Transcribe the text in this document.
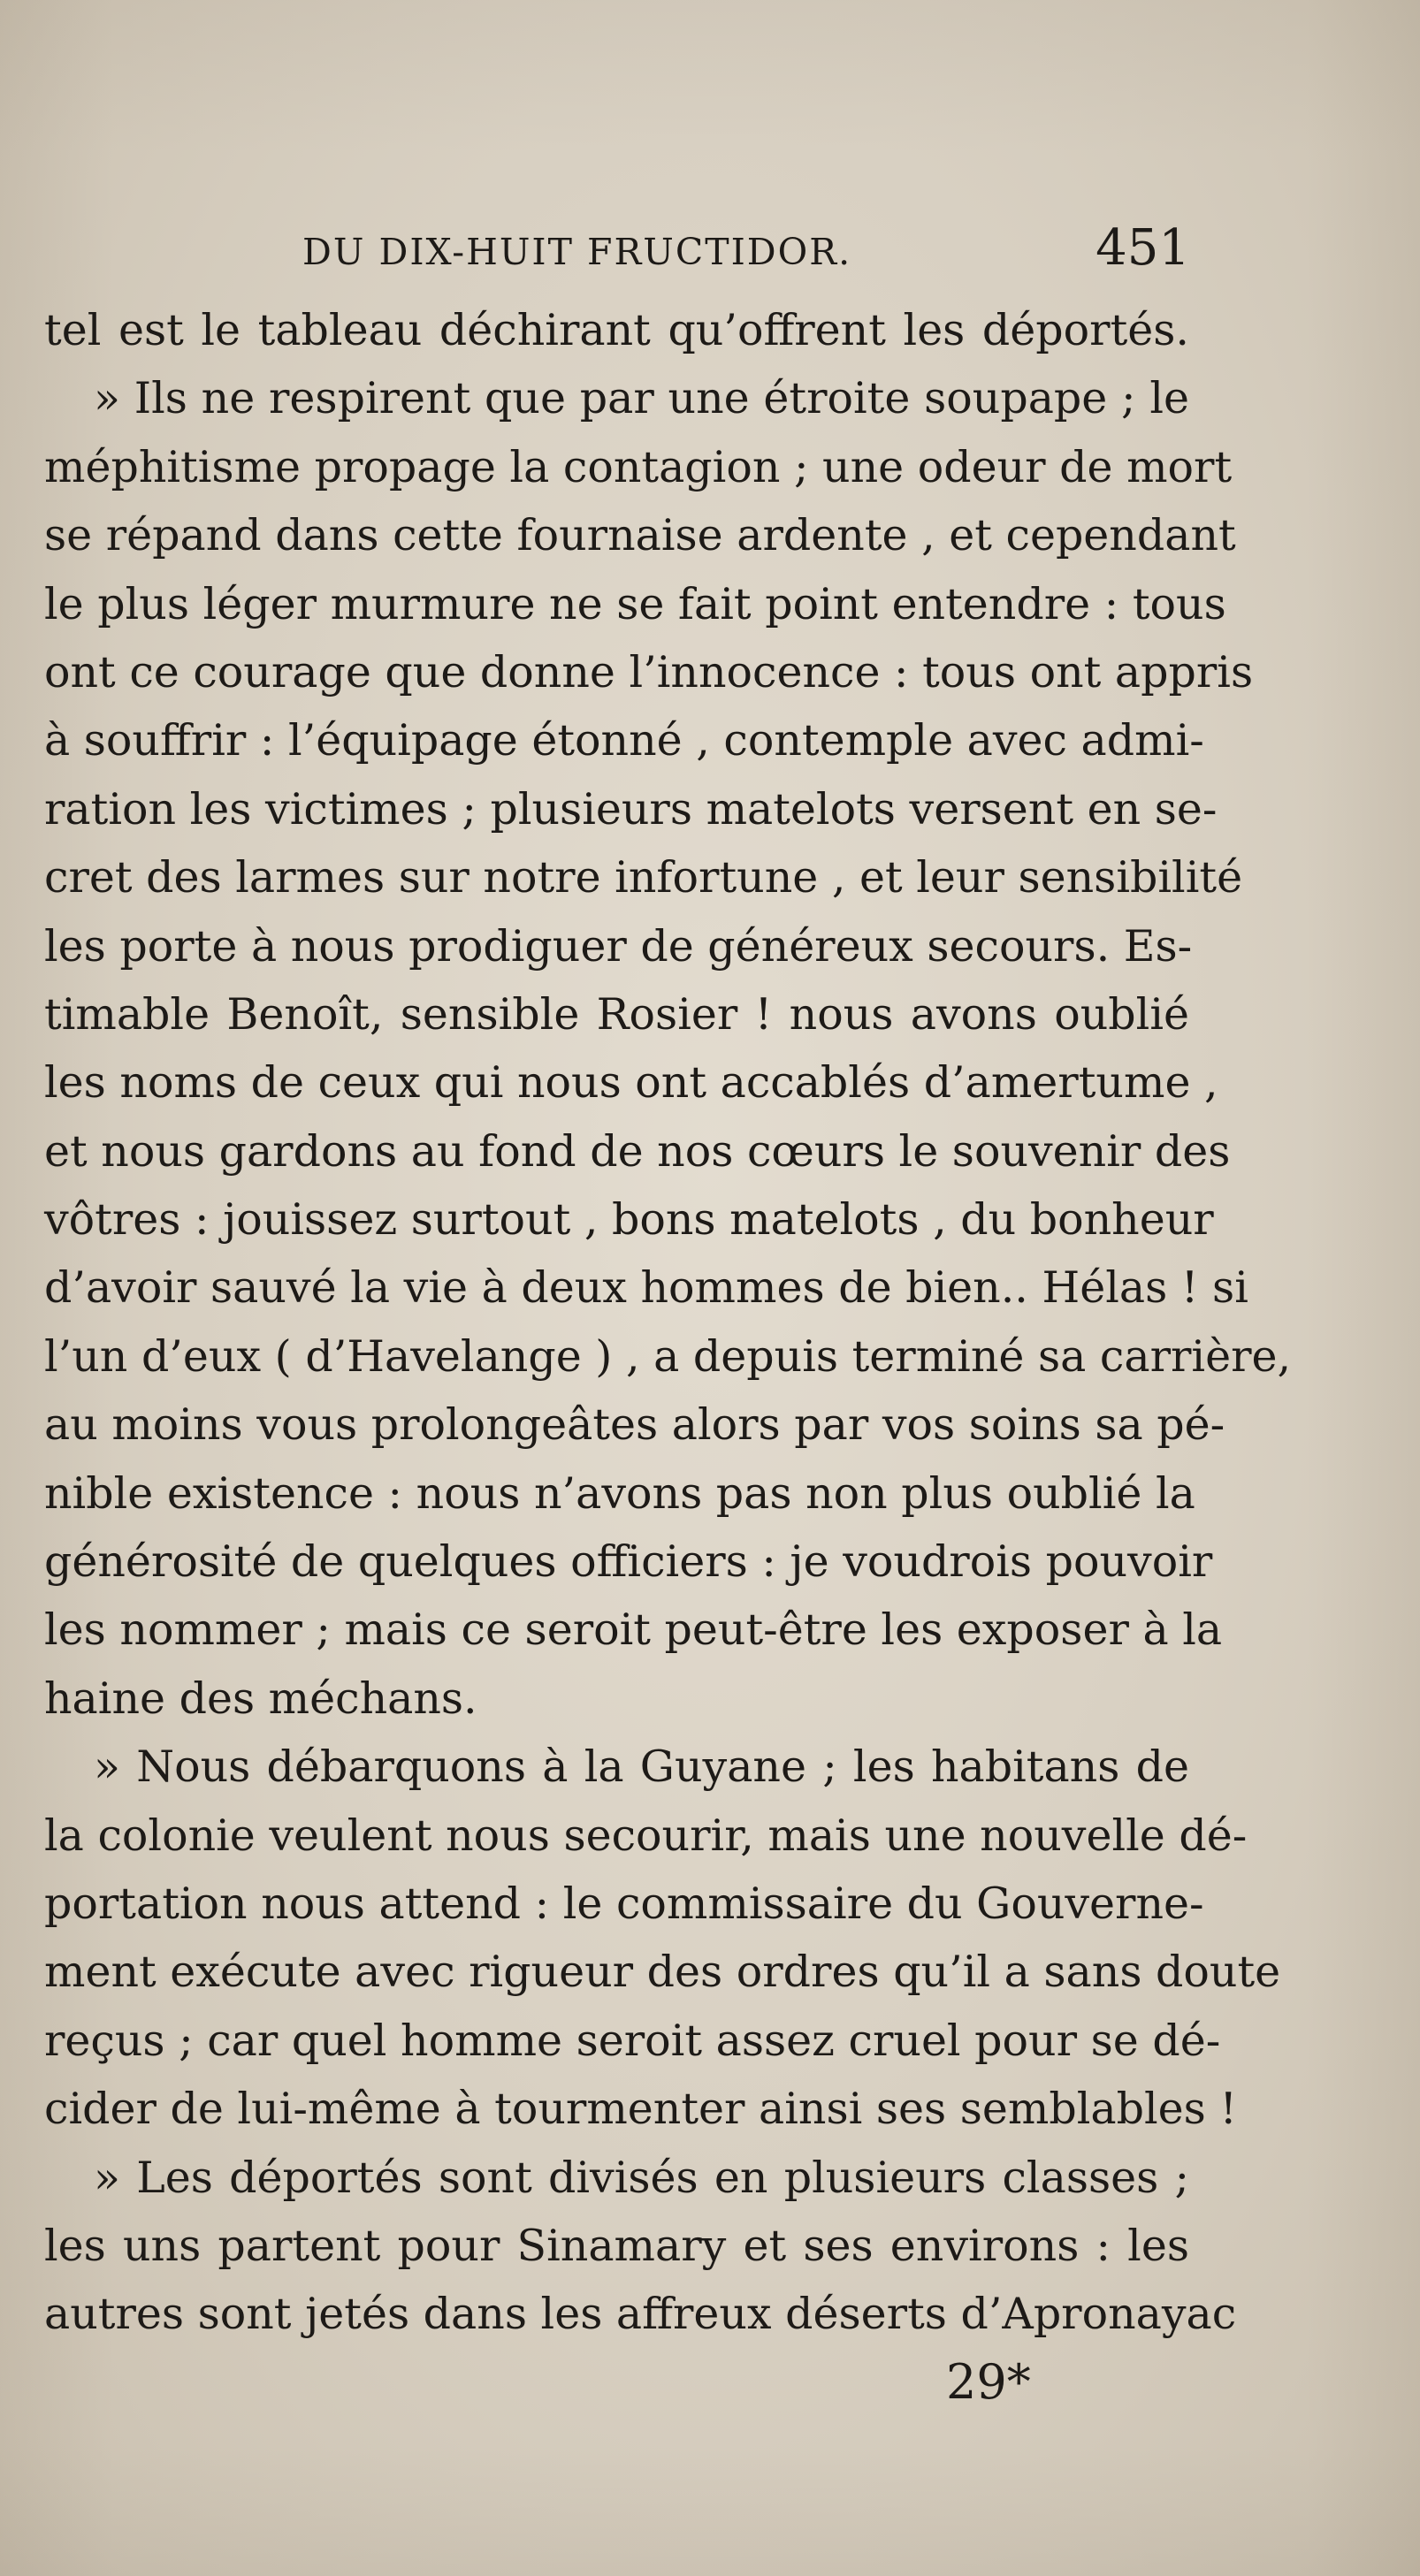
DU DIX-HUIT FRUCTIDOR.	451
tel est le tableau déchirant qu’offrent les déportés.
» Ils ne respirent que par une étroite soupape ; le
méphitisme propage la contagion ; une odeur de mort
se répand dans cette fournaise ardente , et cependant
le plus léger murmure ne se fait point entendre : tous
ont ce courage que donne l’innocence : tous ont appris
à souffrir : l’équipage étonné , contemple avec admi-
ration les victimes ; plusieurs matelots versent en se-
cret des larmes sur notre infortune , et leur sensibilité
les porte à nous prodiguer de généreux secours. Es-
timable Benoît, sensible Rosier ! nous avons oublié
les noms de ceux qui nous ont accablés d’amertume ,
et nous gardons au fond de nos cœurs le souvenir des
vôtres : jouissez surtout , bons matelots , du bonheur
d’avoir sauvé la vie à deux hommes de bien.. Hélas ! si
l’un d’eux ( d’Havelange ) , a depuis terminé sa carrière,
au moins vous prolongeâtes alors par vos soins sa pé-
nible existence : nous n’avons pas non plus oublié la
générosité de quelques officiers : je voudrois pouvoir
les nommer ; mais ce seroit peut-être les exposer à la
haine des méchans.
» Nous débarquons à la Guyane ; les habitans de
la colonie veulent nous secourir, mais une nouvelle dé-
portation nous attend : le commissaire du Gouverne-
ment exécute avec rigueur des ordres qu’il a sans doute
reçus ; car quel homme seroit assez cruel pour se dé-
cider de lui-même à tourmenter ainsi ses semblables !
» Les déportés sont divisés en plusieurs classes ;
les uns partent pour Sinamary et ses environs : les
autres sont jetés dans les affreux déserts d’Apronayac
29*
